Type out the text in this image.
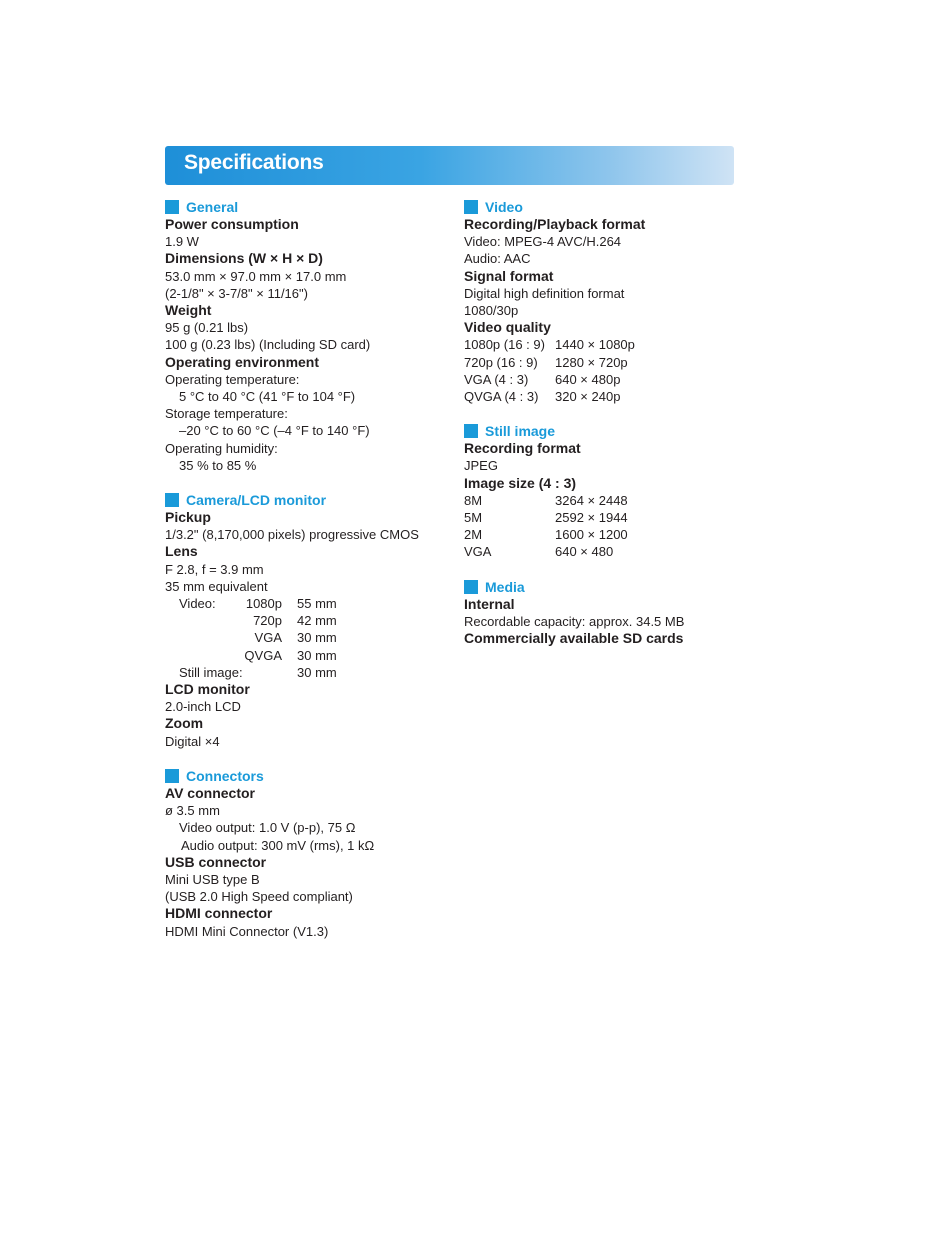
Specifications
General
Power consumption
1.9 W
Dimensions (W × H × D)
53.0 mm × 97.0 mm × 17.0 mm
(2-1/8" × 3-7/8" × 11/16")
Weight
95 g (0.21 lbs)
100 g (0.23 lbs) (Including SD card)
Operating environment
Operating temperature:
5 °C to 40 °C (41 °F to 104 °F)
Storage temperature:
–20 °C to 60 °C (–4 °F to 140 °F)
Operating humidity:
35 % to 85 %
Camera/LCD monitor
Pickup
1/3.2" (8,170,000 pixels) progressive CMOS
Lens
F 2.8, f = 3.9 mm
35 mm equivalent
Video:	1080p	55 mm
720p	42 mm
VGA	30 mm
QVGA	30 mm
Still image:	30 mm
LCD monitor
2.0-inch LCD
Zoom
Digital ×4
Connectors
AV connector
ø 3.5 mm
Video output: 1.0 V (p-p), 75 Ω
Audio output: 300 mV (rms), 1 kΩ
USB connector
Mini USB type B
(USB 2.0 High Speed compliant)
HDMI connector
HDMI Mini Connector (V1.3)
Video
Recording/Playback format
Video: MPEG-4 AVC/H.264
Audio: AAC
Signal format
Digital high definition format
1080/30p
Video quality
1080p (16 : 9) 1440 × 1080p
720p (16 : 9)	1280 × 720p
VGA (4 : 3)	640 × 480p
QVGA (4 : 3)	320 × 240p
Still image
Recording format
JPEG
Image size (4 : 3)
8M	3264 × 2448
5M	2592 × 1944
2M	1600 × 1200
VGA	640 × 480
Media
Internal
Recordable capacity: approx. 34.5 MB
Commercially available SD cards
